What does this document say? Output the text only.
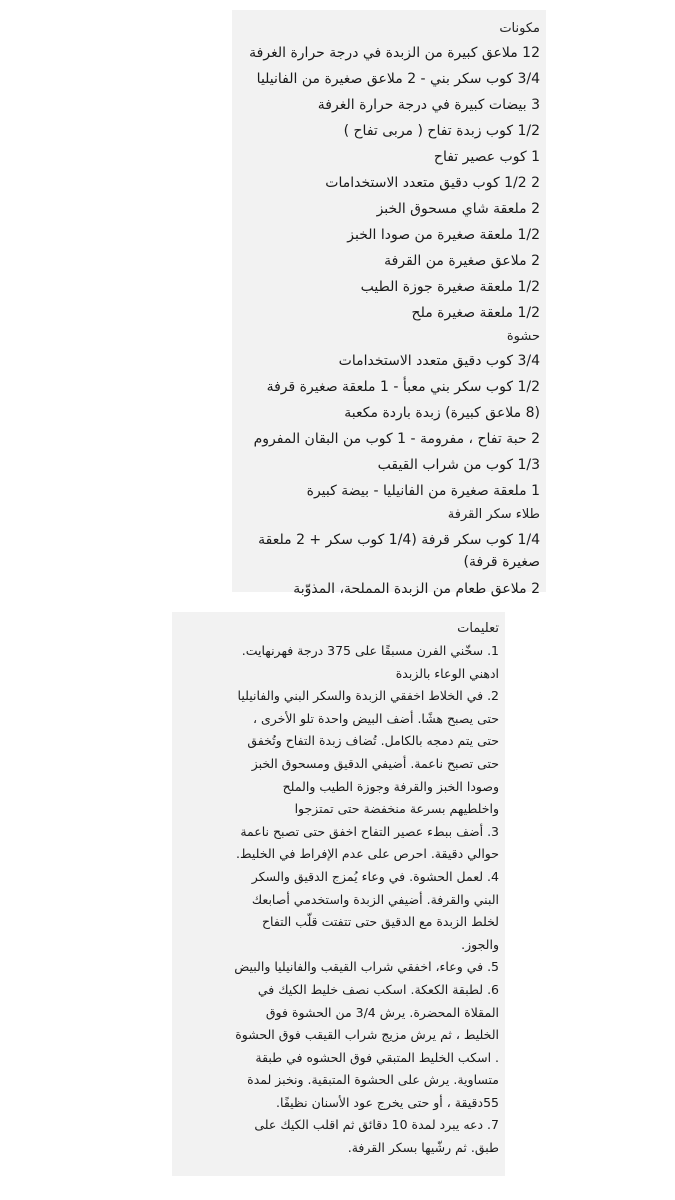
مكونات
12 ملاعق كبيرة من الزبدة في درجة حرارة الغرفة
3/4 كوب سكر بني - 2 ملاعق صغيرة من الفانيليا
3 بيضات كبيرة في درجة حرارة الغرفة
1/2 كوب زبدة تفاح ( مربى تفاح )
1 كوب عصير تفاح
2 1/2 كوب دقيق متعدد الاستخدامات
2 ملعقة شاي مسحوق الخبز
1/2 ملعقة صغيرة من صودا الخبز
2 ملاعق صغيرة من القرفة
1/2 ملعقة صغيرة جوزة الطيب
1/2 ملعقة صغيرة ملح
حشوة
3/4 كوب دقيق متعدد الاستخدامات
1/2 كوب سكر بني معبأ - 1 ملعقة صغيرة قرفة
(8 ملاعق كبيرة) زبدة باردة مكعبة
2 حبة تفاح ، مفرومة - 1 كوب من البقان المفروم
1/3 كوب من شراب القيقب
1 ملعقة صغيرة من الفانيليا - بيضة كبيرة
طلاء سكر القرفة
1/4 كوب سكر قرفة (1/4 كوب سكر + 2 ملعقة صغيرة قرفة)
2 ملاعق طعام من الزبدة المملحة، المذوّبة
تعليمات
1. سخّني الفرن مسبقًا على 375 درجة فهرنهايت.
ادهني الوعاء بالزبدة
2. في الخلاط اخفقي الزبدة والسكر البني والفانيليا
حتى يصبح هشًا. أضف البيض واحدة تلو الأخرى ،
حتى يتم دمجه بالكامل. تُضاف زبدة التفاح وتُخفق
حتى تصبح ناعمة. أضيفي الدقيق ومسحوق الخبز
وصودا الخبز والقرفة وجوزة الطيب والملح
واخلطيهم بسرعة منخفضة حتى تمتزجوا
3. أضف ببطء عصير التفاح اخفق حتى تصبح ناعمة
حوالي دقيقة. احرص على عدم الإفراط في الخليط.
4. لعمل الحشوة. في وعاء يُمزج الدقيق والسكر
البني والقرفة. أضيفي الزبدة واستخدمي أصابعك
لخلط الزبدة مع الدقيق حتى تتفتت قلّب التفاح
والجوز.
5. في وعاء، اخفقي شراب القيقب والفانيليا والبيض
6. لطبقة الكعكة. اسكب نصف خليط الكيك في
المقلاة المحضرة. يرش 3/4 من الحشوة فوق
الخليط ، ثم يرش مزيج شراب القيقب فوق الحشوة
. اسكب الخليط المتبقي فوق الحشوه في طبقة
متساوية. يرش على الحشوة المتبقية. ونخبز لمدة
55دقيقة ، أو حتى يخرج عود الأسنان نظيفًا.
7. دعه يبرد لمدة 10 دقائق ثم اقلب الكيك على
طبق. ثم رشّيها بسكر القرفة.
